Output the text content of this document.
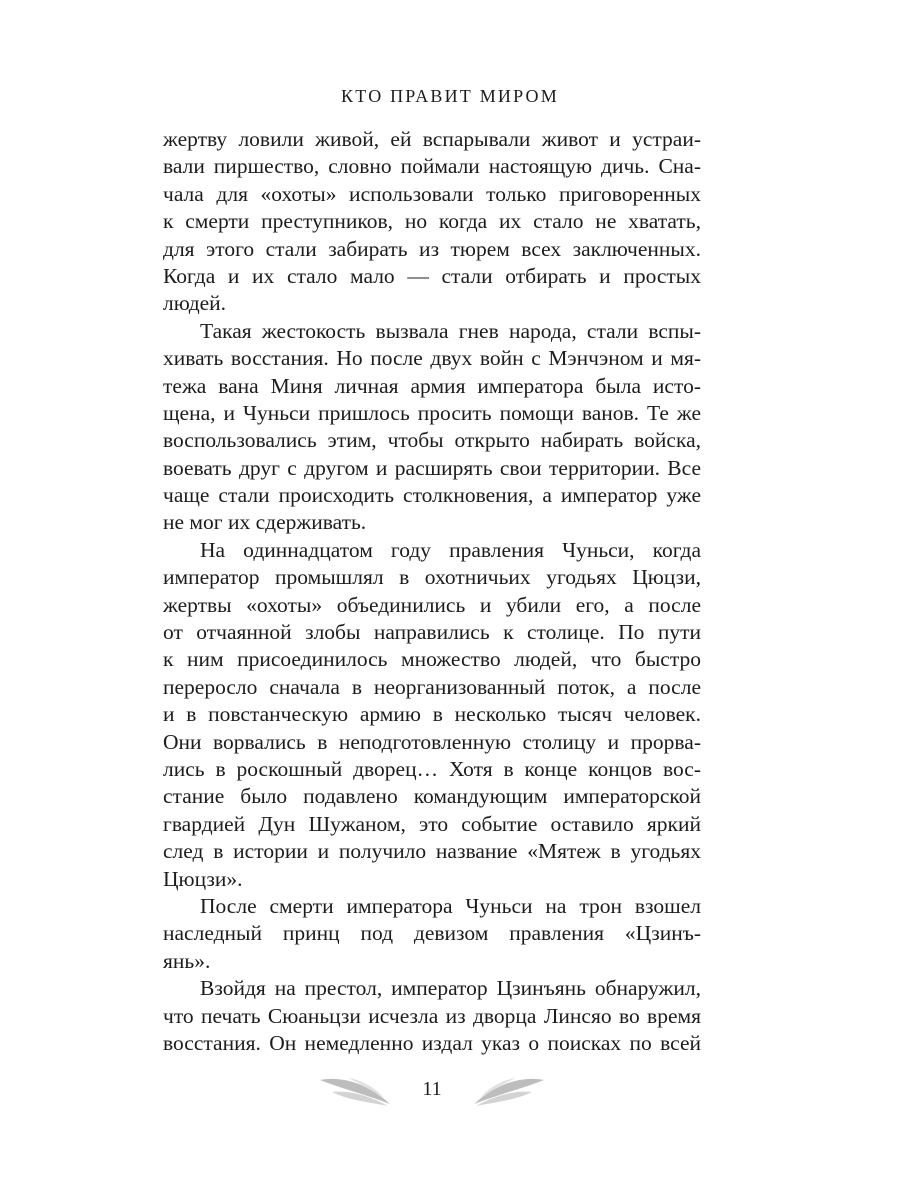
КТО ПРАВИТ МИРОМ
жертву ловили живой, ей вспарывали живот и устраи-
вали пиршество, словно поймали настоящую дичь. Сна-
чала для «охоты» использовали только приговоренных
к смерти преступников, но когда их стало не хватать,
для этого стали забирать из тюрем всех заключенных.
Когда и их стало мало — стали отбирать и простых
людей.
Такая жестокость вызвала гнев народа, стали вспы-
хивать восстания. Но после двух войн с Мэнчэном и мя-
тежа вана Миня личная армия императора была исто-
щена, и Чуньси пришлось просить помощи ванов. Те же
воспользовались этим, чтобы открыто набирать войска,
воевать друг с другом и расширять свои территории. Все
чаще стали происходить столкновения, а император уже
не мог их сдерживать.
На одиннадцатом году правления Чуньси, когда
император промышлял в охотничьих угодьях Цюцзи,
жертвы «охоты» объединились и убили его, а после
от отчаянной злобы направились к столице. По пути
к ним присоединилось множество людей, что быстро
переросло сначала в неорганизованный поток, а после
и в повстанческую армию в несколько тысяч человек.
Они ворвались в неподготовленную столицу и прорва-
лись в роскошный дворец… Хотя в конце концов вос-
стание было подавлено командующим императорской
гвардией Дун Шужаном, это событие оставило яркий
след в истории и получило название «Мятеж в угодьях
Цюцзи».
После смерти императора Чуньси на трон взошел
наследный принц под девизом правления «Цзинъ-
янь».
Взойдя на престол, император Цзинъянь обнаружил,
что печать Сюаньцзи исчезла из дворца Линсяо во время
восстания. Он немедленно издал указ о поисках по всей
11
